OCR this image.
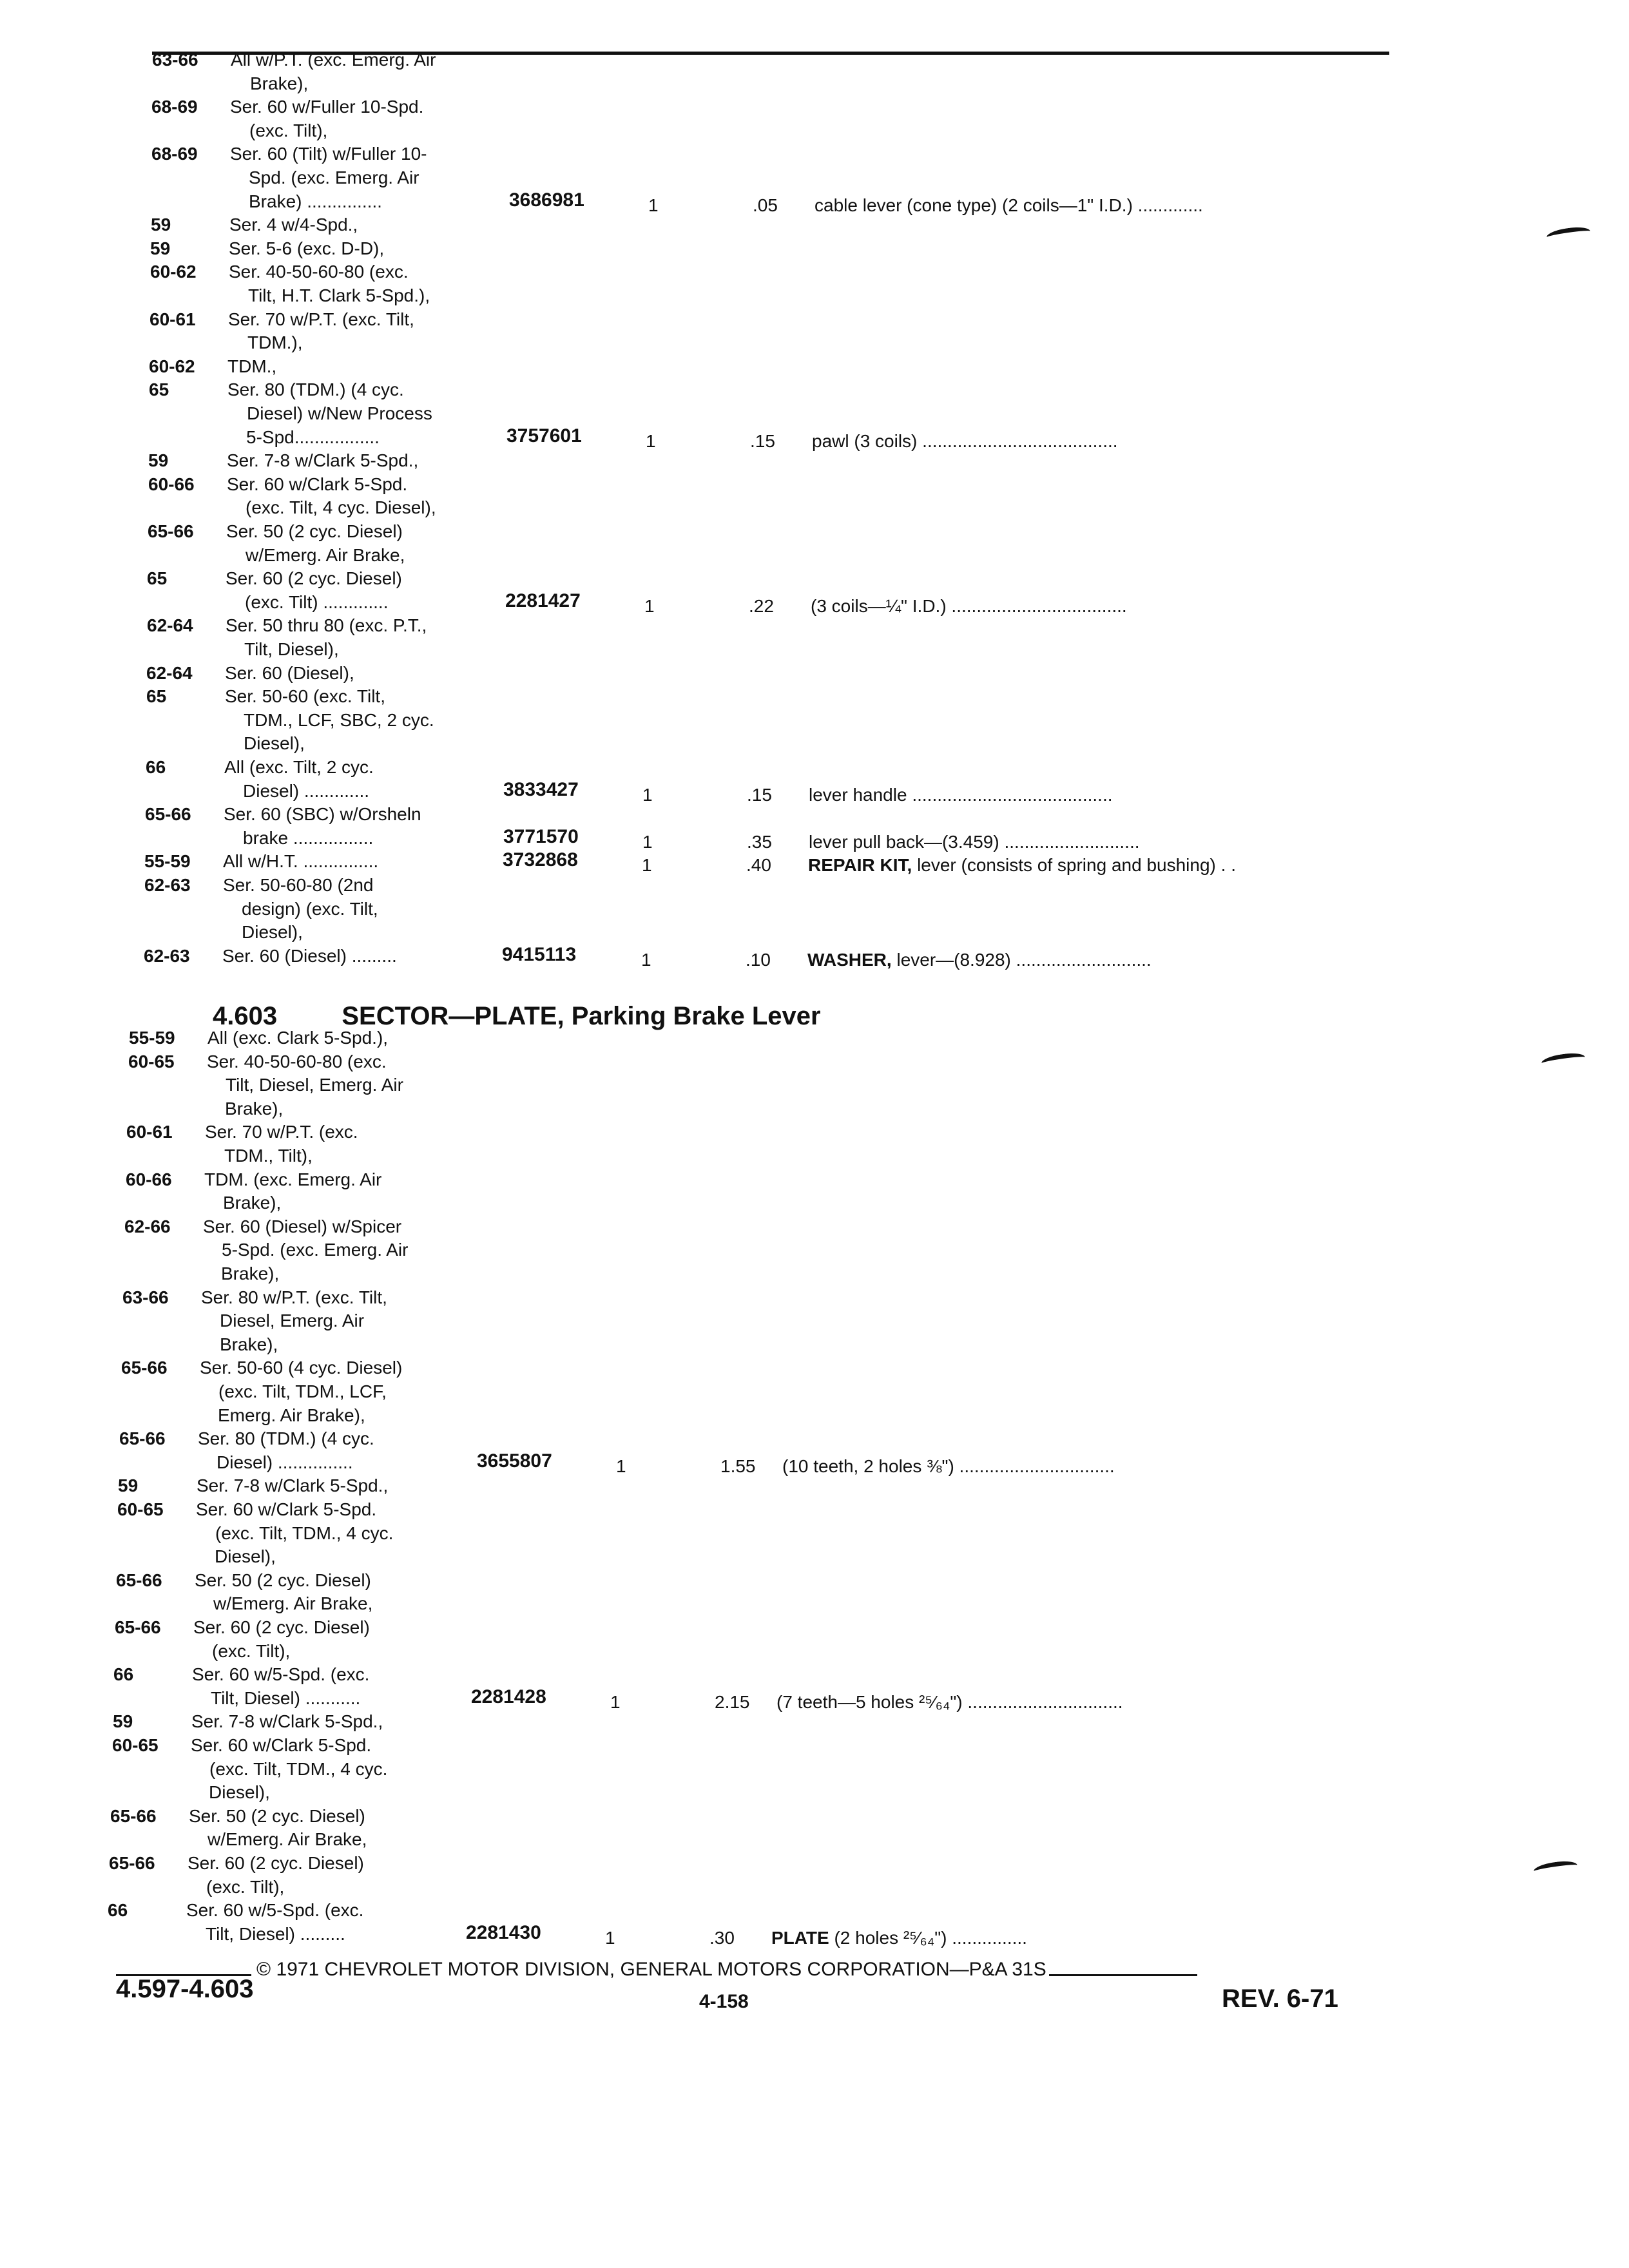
63-66 All w/P.T. (exc. Emerg. Air
Brake),
68-69 Ser. 60 w/Fuller 10-Spd.
(exc. Tilt),
68-69 Ser. 60 (Tilt) w/Fuller 10-
Spd. (exc. Emerg. Air
Brake) ...............	3686981	1	.05 cable lever (cone type) (2 coils—1" I.D.) .............
59	Ser. 4 w/4-Spd.,
59	Ser. 5-6 (exc. D-D),
60-62 Ser. 40-50-60-80 (exc.
Tilt, H.T. Clark 5-Spd.),
60-61 Ser. 70 w/P.T. (exc. Tilt,
TDM.),
60-62 TDM.,
65	Ser. 80 (TDM.) (4 cyc.
Diesel) w/New Process
5-Spd.................	3757601	1	.15 pawl (3 coils) .......................................
59	Ser. 7-8 w/Clark 5-Spd.,
60-66 Ser. 60 w/Clark 5-Spd.
(exc. Tilt, 4 cyc. Diesel),
65-66 Ser. 50 (2 cyc. Diesel)
w/Emerg. Air Brake,
65	Ser. 60 (2 cyc. Diesel)
(exc. Tilt) .............	2281427	1	.22 (3 coils—¼" I.D.) ...................................
62-64 Ser. 50 thru 80 (exc. P.T.,
Tilt, Diesel),
62-64 Ser. 60 (Diesel),
65	Ser. 50-60 (exc. Tilt,
TDM., LCF, SBC, 2 cyc.
Diesel),
66	All (exc. Tilt, 2 cyc.
Diesel) .............	3833427	1	.15 lever handle ........................................
65-66 Ser. 60 (SBC) w/Orsheln
brake ................	3771570	1	.35 lever pull back—(3.459) ...........................
55-59 All w/H.T. ...............	3732868	1	.40 REPAIR KIT, lever (consists of spring and bushing) . .
62-63 Ser. 50-60-80 (2nd
design) (exc. Tilt,
Diesel),
62-63 Ser. 60 (Diesel) .........	9415113	1	.10 WASHER, lever—(8.928) ...........................
4.603	SECTOR—PLATE, Parking Brake Lever
55-59 All (exc. Clark 5-Spd.),
60-65 Ser. 40-50-60-80 (exc.
Tilt, Diesel, Emerg. Air
Brake),
60-61 Ser. 70 w/P.T. (exc.
TDM., Tilt),
60-66 TDM. (exc. Emerg. Air
Brake),
62-66 Ser. 60 (Diesel) w/Spicer
5-Spd. (exc. Emerg. Air
Brake),
63-66 Ser. 80 w/P.T. (exc. Tilt,
Diesel, Emerg. Air
Brake),
65-66 Ser. 50-60 (4 cyc. Diesel)
(exc. Tilt, TDM., LCF,
Emerg. Air Brake),
65-66 Ser. 80 (TDM.) (4 cyc.
Diesel) ...............	3655807	1	1.55 (10 teeth, 2 holes ⅜") ...............................
59	Ser. 7-8 w/Clark 5-Spd.,
60-65 Ser. 60 w/Clark 5-Spd.
(exc. Tilt, TDM., 4 cyc.
Diesel),
65-66 Ser. 50 (2 cyc. Diesel)
w/Emerg. Air Brake,
65-66 Ser. 60 (2 cyc. Diesel)
(exc. Tilt),
66	Ser. 60 w/5-Spd. (exc.
Tilt, Diesel) ...........	2281428	1	2.15 (7 teeth—5 holes ²⁵⁄₆₄") ...............................
59	Ser. 7-8 w/Clark 5-Spd.,
60-65 Ser. 60 w/Clark 5-Spd.
(exc. Tilt, TDM., 4 cyc.
Diesel),
65-66 Ser. 50 (2 cyc. Diesel)
w/Emerg. Air Brake,
65-66 Ser. 60 (2 cyc. Diesel)
(exc. Tilt),
66	Ser. 60 w/5-Spd. (exc.
Tilt, Diesel) .........	2281430	1	.30 PLATE (2 holes ²⁵⁄₆₄") ...............
© 1971 CHEVROLET MOTOR DIVISION, GENERAL MOTORS CORPORATION—P&A 31S
4.597-4.603	4-158	REV. 6-71
